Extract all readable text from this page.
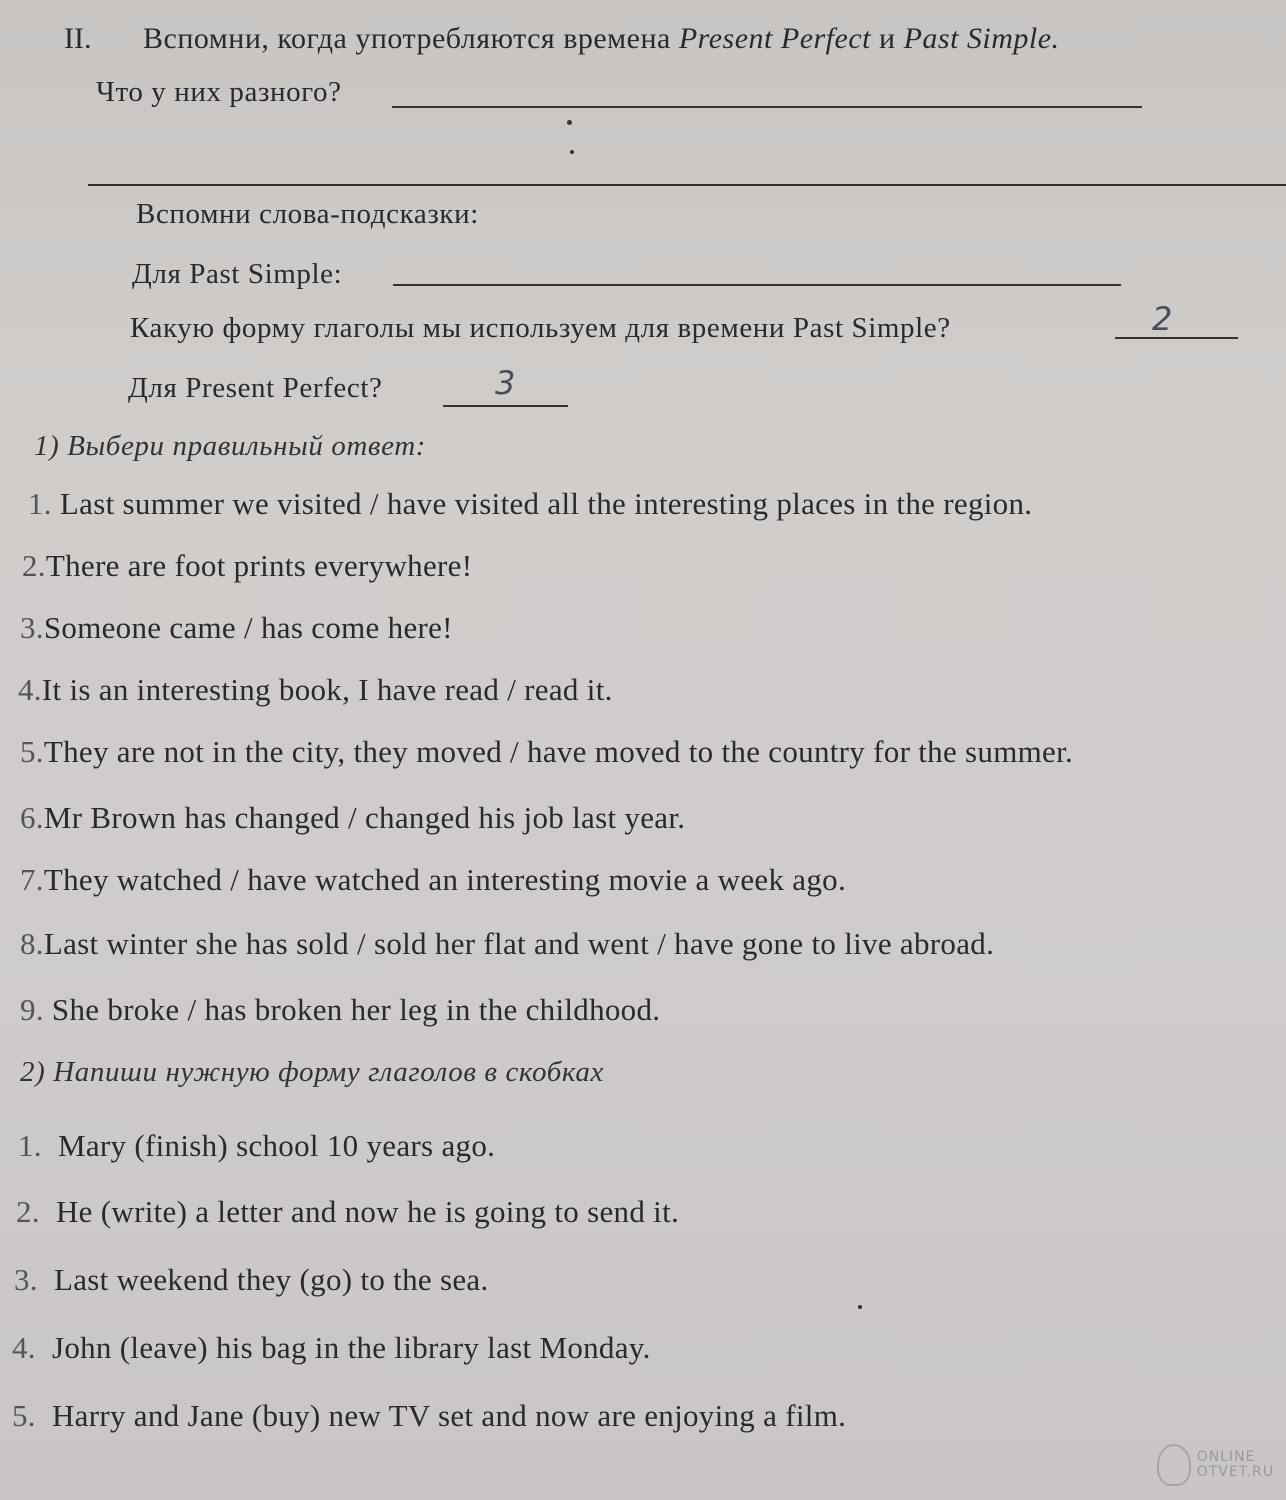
II. Вспомни, когда употребляются времена Present Perfect и Past Simple.
Что у них разного?
Вспомни слова-подсказки:
Для Past Simple:
Какую форму глаголы мы используем для времени Past Simple?	2
Для Present Perfect?	3
1) Выбери правильный ответ:
1. Last summer we visited / have visited all the interesting places in the region.
2.There are foot prints everywhere!
3.Someone came / has come here!
4.It is an interesting book, I have read / read it.
5.They are not in the city, they moved / have moved to the country for the summer.
6.Mr Brown has changed / changed his job last year.
7.They watched / have watched an interesting movie a week ago.
8.Last winter she has sold / sold her flat and went / have gone to live abroad.
9. She broke / has broken her leg in the childhood.
2) Напиши нужную форму глаголов в скобках
1. Mary (finish) school 10 years ago.
2. He (write) a letter and now he is going to send it.
3. Last weekend they (go) to the sea.
4. John (leave) his bag in the library last Monday.
5. Harry and Jane (buy) new TV set and now are enjoying a film.
ONLINE
OTVET.RU
